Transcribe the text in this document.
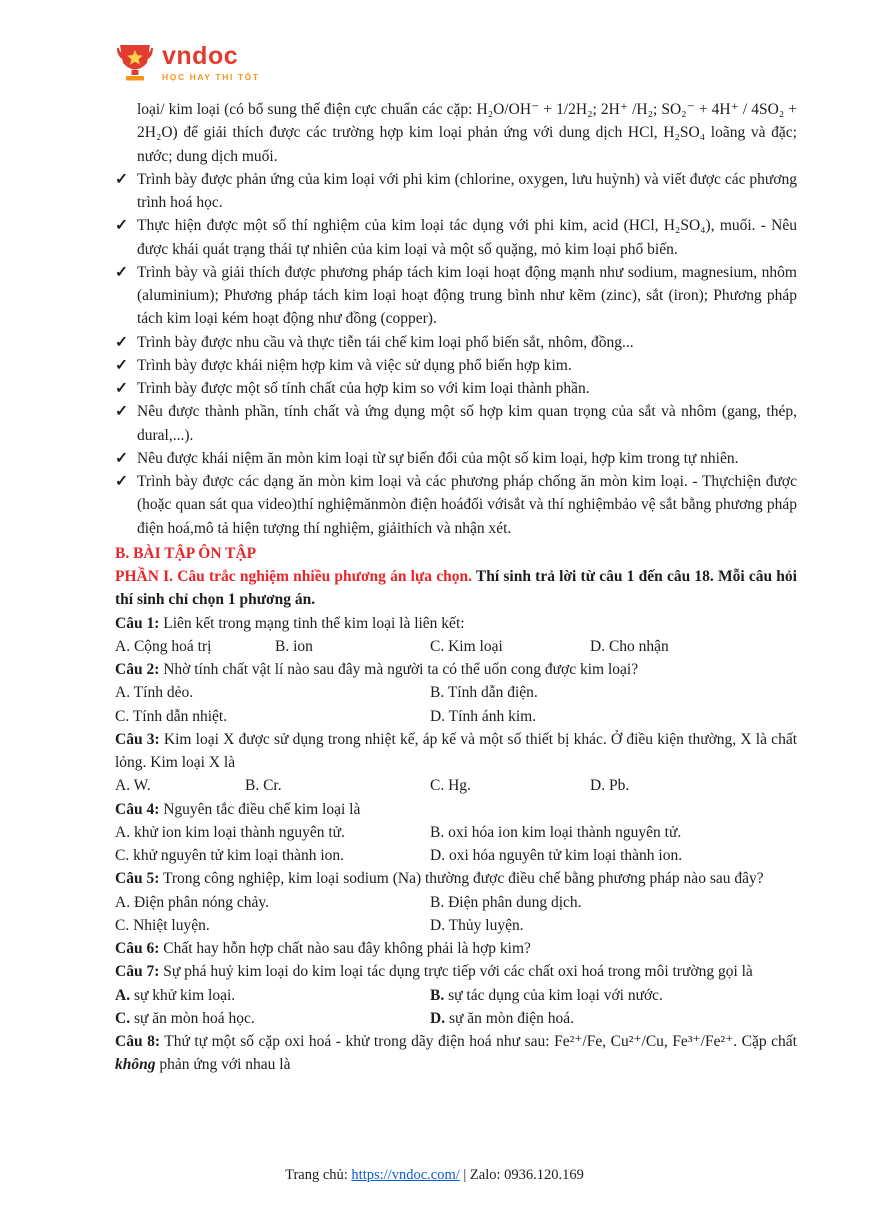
vndoc
HỌC HAY THI TỐT

loại/ kim loại (có bổ sung thế điện cực chuẩn các cặp: H₂O/OH⁻ + 1/2H₂; 2H⁺ /H₂; SO₂⁻ + 4H⁺ / 4SO₂ + 2H₂O) để giải thích được các trường hợp kim loại phản ứng với dung dịch HCl, H₂SO₄ loãng và đặc; nước; dung dịch muối.

✓ Trình bày được phản ứng của kim loại với phi kim (chlorine, oxygen, lưu huỳnh) và viết được các phương trình hoá học.

✓ Thực hiện được một số thí nghiệm của kim loại tác dụng với phi kim, acid (HCl, H₂SO₄), muối. - Nêu được khái quát trạng thái tự nhiên của kim loại và một số quặng, mỏ kim loại phổ biến.

✓ Trình bày và giải thích được phương pháp tách kim loại hoạt động mạnh như sodium, magnesium, nhôm (aluminium); Phương pháp tách kim loại hoạt động trung bình như kẽm (zinc), sắt (iron); Phương pháp tách kim loại kém hoạt động như đồng (copper).

✓ Trình bày được nhu cầu và thực tiễn tái chế kim loại phổ biến sắt, nhôm, đồng...

✓ Trình bày được khái niệm hợp kim và việc sử dụng phổ biến hợp kim.

✓ Trình bày được một số tính chất của hợp kim so với kim loại thành phần.

✓ Nêu được thành phần, tính chất và ứng dụng một số hợp kim quan trọng của sắt và nhôm (gang, thép, dural,...).

✓ Nêu được khái niệm ăn mòn kim loại từ sự biến đổi của một số kim loại, hợp kim trong tự nhiên.

✓ Trình bày được các dạng ăn mòn kim loại và các phương pháp chống ăn mòn kim loại. - Thựchiện được (hoặc quan sát qua video)thí nghiệmănmòn điện hoáđối vớisắt và thí nghiệmbảo vệ sắt bằng phương pháp điện hoá,mô tả hiện tượng thí nghiệm, giảithích và nhận xét.

B. BÀI TẬP ÔN TẬP

PHẦN I. Câu trắc nghiệm nhiều phương án lựa chọn. Thí sinh trả lời từ câu 1 đến câu 18. Mỗi câu hỏi thí sinh chỉ chọn 1 phương án.

Câu 1: Liên kết trong mạng tinh thể kim loại là liên kết:

A. Cộng hoá trị	B. ion	C. Kim loại	D. Cho nhận

Câu 2: Nhờ tính chất vật lí nào sau đây mà người ta có thể uốn cong được kim loại?

A. Tính dẻo.	B. Tính dẫn điện.
C. Tính dẫn nhiệt.	D. Tính ánh kim.

Câu 3: Kim loại X được sử dụng trong nhiệt kế, áp kế và một số thiết bị khác. Ở điều kiện thường, X là chất lỏng. Kim loại X là

A. W.	B. Cr.	C. Hg.	D. Pb.

Câu 4: Nguyên tắc điều chế kim loại là

A. khử ion kim loại thành nguyên tử.	B. oxi hóa ion kim loại thành nguyên tử.
C. khử nguyên tử kim loại thành ion.	D. oxi hóa nguyên tử kim loại thành ion.

Câu 5: Trong công nghiệp, kim loại sodium (Na) thường được điều chế bằng phương pháp nào sau đây?

A. Điện phân nóng chảy.	B. Điện phân dung dịch.
C. Nhiệt luyện.	D. Thủy luyện.

Câu 6: Chất hay hỗn hợp chất nào sau đây không phải là hợp kim?

Câu 7: Sự phá huỷ kim loại do kim loại tác dụng trực tiếp với các chất oxi hoá trong môi trường gọi là

A. sự khử kim loại.	B. sự tác dụng của kim loại với nước.
C. sự ăn mòn hoá học.	D. sự ăn mòn điện hoá.

Câu 8: Thứ tự một số cặp oxi hoá - khử trong dãy điện hoá như sau: Fe²⁺/Fe, Cu²⁺/Cu, Fe³⁺/Fe²⁺. Cặp chất không phản ứng với nhau là

Trang chủ: https://vndoc.com/ | Zalo: 0936.120.169
